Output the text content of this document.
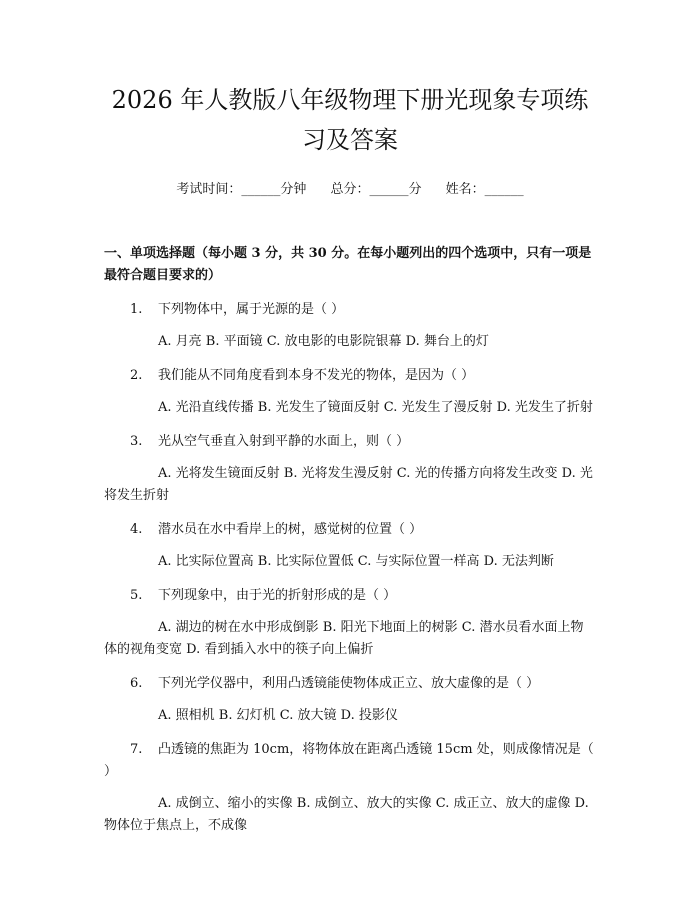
2026 年人教版八年级物理下册光现象专项练
习及答案
考试时间：______分钟 总分：______分 姓名：______
一、单项选择题（每小题 3 分，共 30 分。在每小题列出的四个选项中，只有一项是最符合题目要求的）
1.	下列物体中，属于光源的是（ ）
A. 月亮 B. 平面镜 C. 放电影的电影院银幕 D. 舞台上的灯
2.	我们能从不同角度看到本身不发光的物体，是因为（ ）
A. 光沿直线传播 B. 光发生了镜面反射 C. 光发生了漫反射 D. 光发生了折射
3.	光从空气垂直入射到平静的水面上，则（ ）
A. 光将发生镜面反射 B. 光将发生漫反射 C. 光的传播方向将发生改变 D. 光将发生折射
4.	潜水员在水中看岸上的树，感觉树的位置（ ）
A. 比实际位置高 B. 比实际位置低 C. 与实际位置一样高 D. 无法判断
5.	下列现象中，由于光的折射形成的是（ ）
A. 湖边的树在水中形成倒影 B. 阳光下地面上的树影 C. 潜水员看水面上物体的视角变宽 D. 看到插入水中的筷子向上偏折
6.	下列光学仪器中，利用凸透镜能使物体成正立、放大虚像的是（ ）
A. 照相机 B. 幻灯机 C. 放大镜 D. 投影仪
7. 凸透镜的焦距为 10cm，将物体放在距离凸透镜 15cm 处，则成像情况是（ ）
A. 成倒立、缩小的实像 B. 成倒立、放大的实像 C. 成正立、放大的虚像 D. 物体位于焦点上，不成像
